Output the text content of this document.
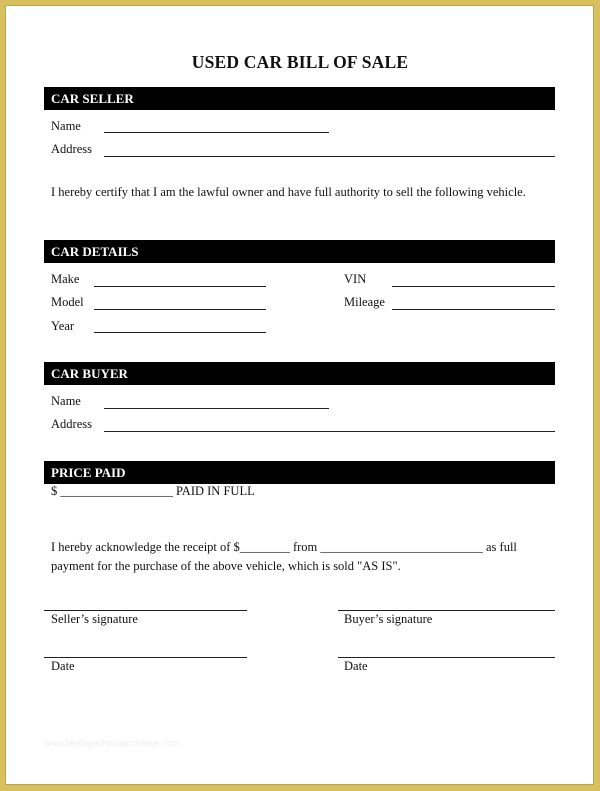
USED CAR BILL OF SALE
CAR SELLER
Name
Address
I hereby certify that I am the lawful owner and have full authority to sell the following vehicle.
CAR DETAILS
Make
Model
Year
VIN
Mileage
CAR BUYER
Name
Address
PRICE PAID
$ __________________ PAID IN FULL
I hereby acknowledge the receipt of $________ from __________________________ as full
payment for the purchase of the above vehicle, which is sold "AS IS".
Seller’s signature	Buyer’s signature
Date	Date
www.heritagechristiancollege.com
